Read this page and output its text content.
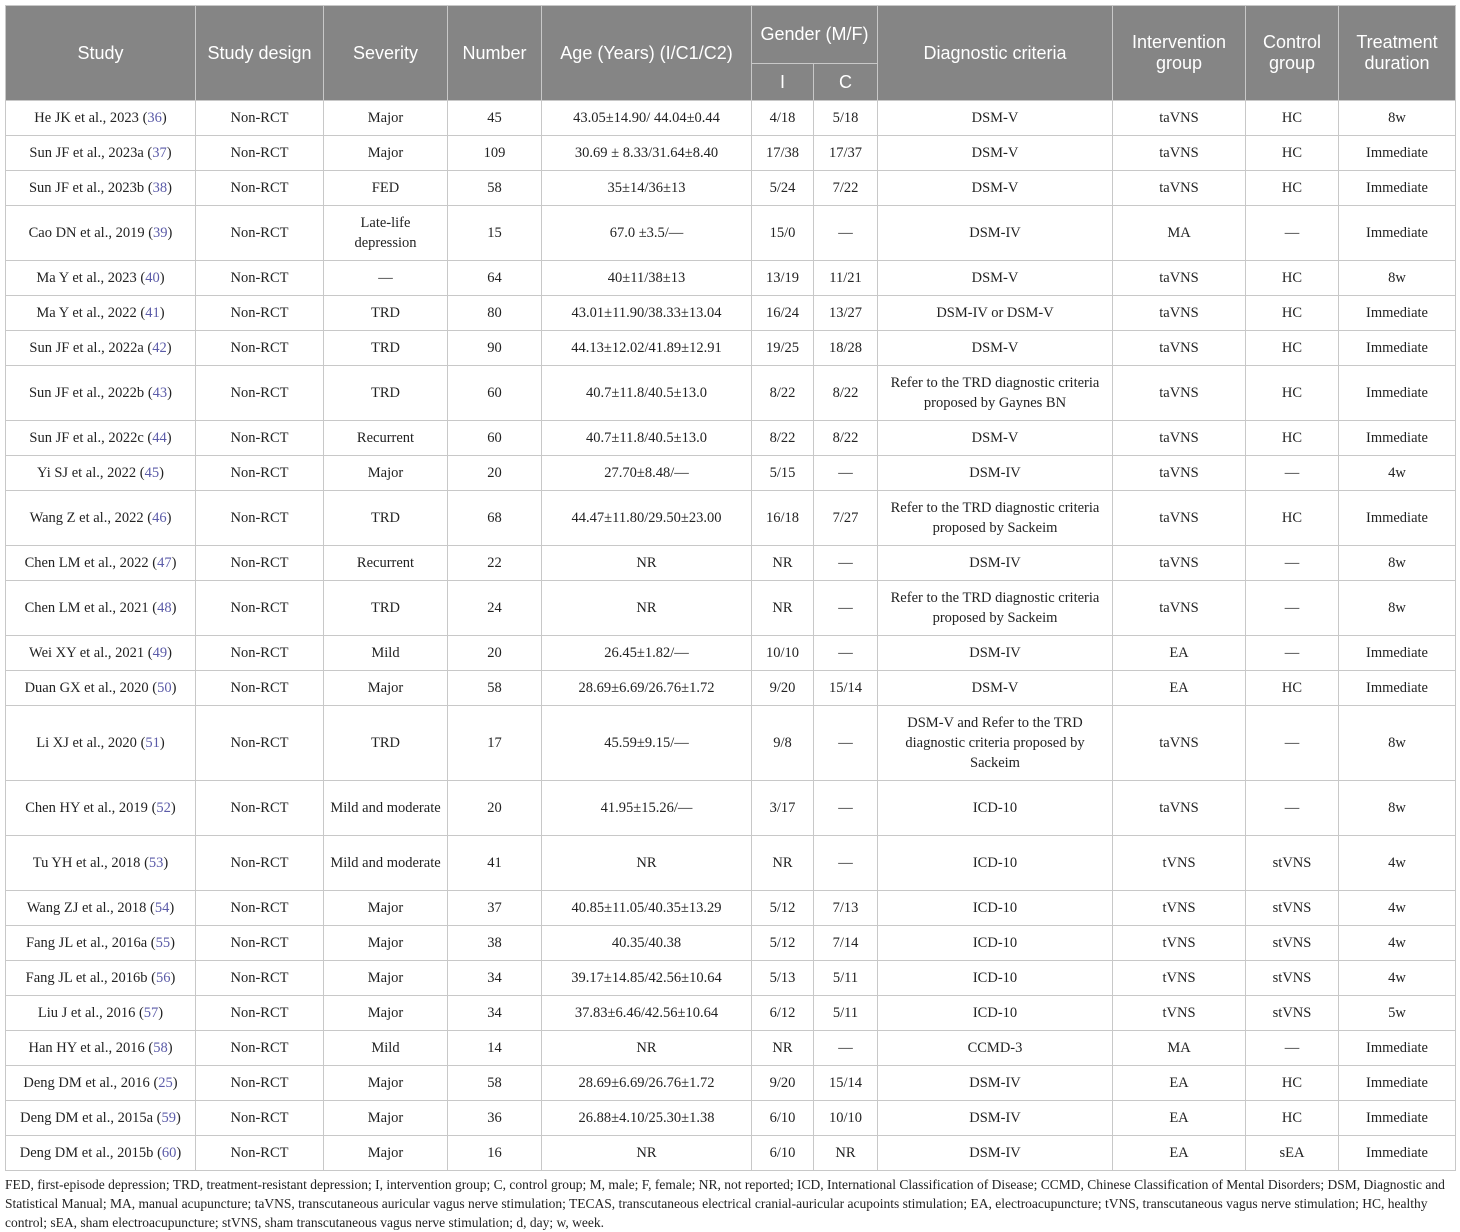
Study	Study design	Severity	Number	Age (Years) (I/C1/C2)	Gender (M/F)		Diagnostic criteria	Intervention group	Control group	Treatment duration
					I	C				
He JK et al., 2023 (36)	Non-RCT	Major	45	43.05±14.90/ 44.04±0.44	4/18	5/18	DSM-V	taVNS	HC	8w
Sun JF et al., 2023a (37)	Non-RCT	Major	109	30.69 ± 8.33/31.64±8.40	17/38	17/37	DSM-V	taVNS	HC	Immediate
Sun JF et al., 2023b (38)	Non-RCT	FED	58	35±14/36±13	5/24	7/22	DSM-V	taVNS	HC	Immediate
Cao DN et al., 2019 (39)	Non-RCT	Late-life depression	15	67.0 ±3.5/—	15/0	—	DSM-IV	MA	—	Immediate
Ma Y et al., 2023 (40)	Non-RCT	—	64	40±11/38±13	13/19	11/21	DSM-V	taVNS	HC	8w
Ma Y et al., 2022 (41)	Non-RCT	TRD	80	43.01±11.90/38.33±13.04	16/24	13/27	DSM-IV or DSM-V	taVNS	HC	Immediate
Sun JF et al., 2022a (42)	Non-RCT	TRD	90	44.13±12.02/41.89±12.91	19/25	18/28	DSM-V	taVNS	HC	Immediate
Sun JF et al., 2022b (43)	Non-RCT	TRD	60	40.7±11.8/40.5±13.0	8/22	8/22	Refer to the TRD diagnostic criteria proposed by Gaynes BN	taVNS	HC	Immediate
Sun JF et al., 2022c (44)	Non-RCT	Recurrent	60	40.7±11.8/40.5±13.0	8/22	8/22	DSM-V	taVNS	HC	Immediate
Yi SJ et al., 2022 (45)	Non-RCT	Major	20	27.70±8.48/—	5/15	—	DSM-IV	taVNS	—	4w
Wang Z et al., 2022 (46)	Non-RCT	TRD	68	44.47±11.80/29.50±23.00	16/18	7/27	Refer to the TRD diagnostic criteria proposed by Sackeim	taVNS	HC	Immediate
Chen LM et al., 2022 (47)	Non-RCT	Recurrent	22	NR	NR	—	DSM-IV	taVNS	—	8w
Chen LM et al., 2021 (48)	Non-RCT	TRD	24	NR	NR	—	Refer to the TRD diagnostic criteria proposed by Sackeim	taVNS	—	8w
Wei XY et al., 2021 (49)	Non-RCT	Mild	20	26.45±1.82/—	10/10	—	DSM-IV	EA	—	Immediate
Duan GX et al., 2020 (50)	Non-RCT	Major	58	28.69±6.69/26.76±1.72	9/20	15/14	DSM-V	EA	HC	Immediate
Li XJ et al., 2020 (51)	Non-RCT	TRD	17	45.59±9.15/—	9/8	—	DSM-V and Refer to the TRD diagnostic criteria proposed by Sackeim	taVNS	—	8w
Chen HY et al., 2019 (52)	Non-RCT	Mild and moderate	20	41.95±15.26/—	3/17	—	ICD-10	taVNS	—	8w
Tu YH et al., 2018 (53)	Non-RCT	Mild and moderate	41	NR	NR	—	ICD-10	tVNS	stVNS	4w
Wang ZJ et al., 2018 (54)	Non-RCT	Major	37	40.85±11.05/40.35±13.29	5/12	7/13	ICD-10	tVNS	stVNS	4w
Fang JL et al., 2016a (55)	Non-RCT	Major	38	40.35/40.38	5/12	7/14	ICD-10	tVNS	stVNS	4w
Fang JL et al., 2016b (56)	Non-RCT	Major	34	39.17±14.85/42.56±10.64	5/13	5/11	ICD-10	tVNS	stVNS	4w
Liu J et al., 2016 (57)	Non-RCT	Major	34	37.83±6.46/42.56±10.64	6/12	5/11	ICD-10	tVNS	stVNS	5w
Han HY et al., 2016 (58)	Non-RCT	Mild	14	NR	NR	—	CCMD-3	MA	—	Immediate
Deng DM et al., 2016 (25)	Non-RCT	Major	58	28.69±6.69/26.76±1.72	9/20	15/14	DSM-IV	EA	HC	Immediate
Deng DM et al., 2015a (59)	Non-RCT	Major	36	26.88±4.10/25.30±1.38	6/10	10/10	DSM-IV	EA	HC	Immediate
Deng DM et al., 2015b (60)	Non-RCT	Major	16	NR	6/10	NR	DSM-IV	EA	sEA	Immediate
FED, first-episode depression; TRD, treatment-resistant depression; I, intervention group; C, control group; M, male; F, female; NR, not reported; ICD, International Classification of Disease; CCMD, Chinese Classification of Mental Disorders; DSM, Diagnostic and Statistical Manual; MA, manual acupuncture; taVNS, transcutaneous auricular vagus nerve stimulation; TECAS, transcutaneous electrical cranial-auricular acupoints stimulation; EA, electroacupuncture; tVNS, transcutaneous vagus nerve stimulation; HC, healthy control; sEA, sham electroacupuncture; stVNS, sham transcutaneous vagus nerve stimulation; d, day; w, week.
